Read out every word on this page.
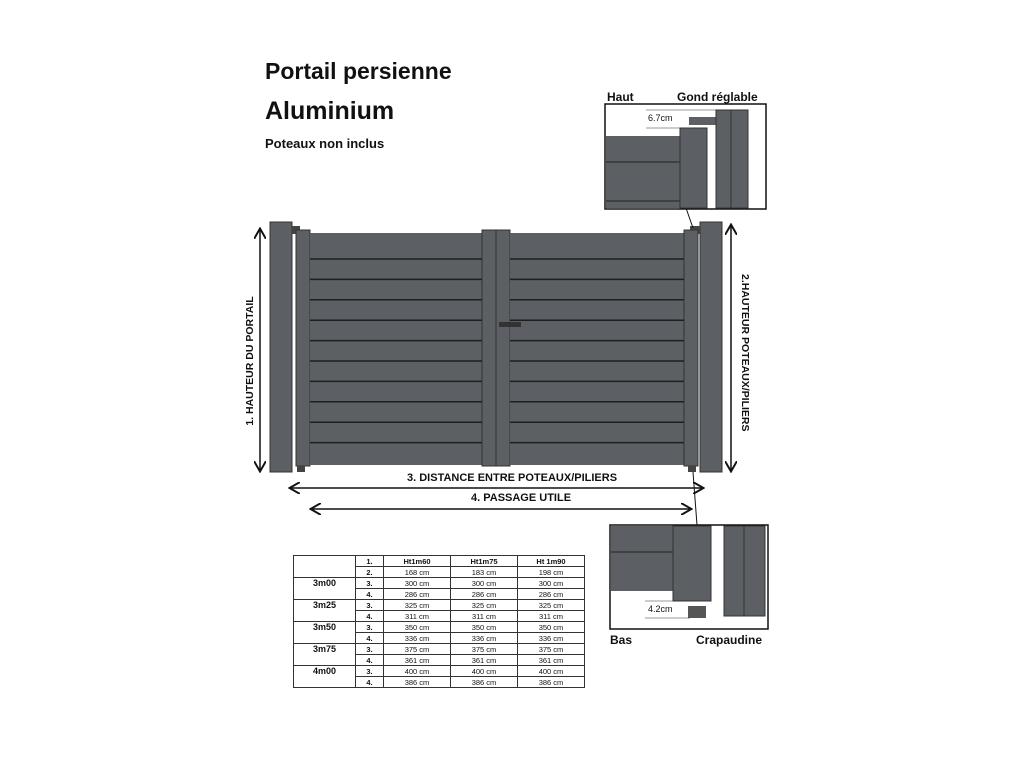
Portail persienne
Aluminium
Poteaux non inclus
1. HAUTEUR DU PORTAIL	2.HAUTEUR POTEAUX/PILIERS
3. DISTANCE ENTRE POTEAUX/PILIERS
4. PASSAGE UTILE
Haut	Gond réglable
6.7cm
Bas	Crapaudine
4.2cm
	1.	Ht1m60	Ht1m75	Ht 1m90
	2.	168 cm	183 cm	198 cm
3m00	3.	300 cm	300 cm	300 cm
	4.	286 cm	286 cm	286 cm
3m25	3.	325 cm	325 cm	325 cm
	4.	311 cm	311 cm	311 cm
3m50	3.	350 cm	350 cm	350 cm
	4.	336 cm	336 cm	336 cm
3m75	3.	375 cm	375 cm	375 cm
	4.	361 cm	361 cm	361 cm
4m00	3.	400 cm	400 cm	400 cm
	4.	386 cm	386 cm	386 cm
